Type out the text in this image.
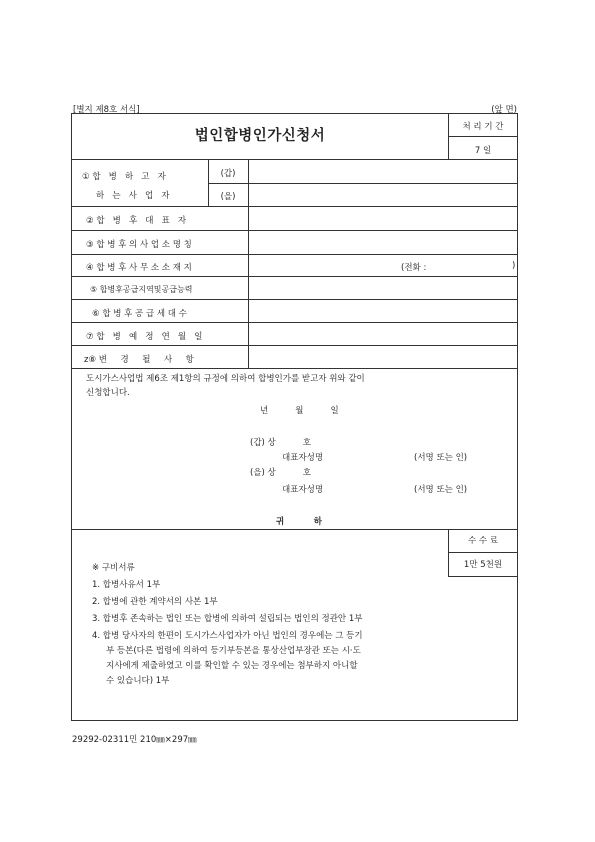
[별지 제8호 서식]	(앞 면)
법인합병인가신청서
처 리 기 간
7 일
① 합   병   하   고   자
하   는   사   업   자
(갑)
(을)
② 합   병   후   대   표   자
③ 합 병 후 의 사 업 소 명 칭
④ 합 병 후 사 무 소 소 재 지	(전화 :	)
⑤ 합병후공급지역및공급능력
⑥ 합 병 후 공 급 세 대 수
⑦ 합   병   예   정   연   월   일
z⑧ 변     경     될     사     항
도시가스사업법 제6조 제1항의 규정에 의하여 합병인가를 받고자 위와 같이
신청합니다.
년          월          일
(갑) 상          호
대표자성명	(서명 또는 인)
(을) 상          호
대표자성명	(서명 또는 인)
귀          하
수 수 료
1만 5천원
※ 구비서류
1. 합병사유서 1부
2. 합병에 관한 계약서의 사본 1부
3. 합병후 존속하는 법인 또는 합병에 의하여 설립되는 법인의 정관안 1부
4. 합병 당사자의 한편이 도시가스사업자가 아닌 법인의 경우에는 그 등기
부 등본(다른 법령에 의하여 등기부등본을 통상산업부장관 또는 시·도
지사에게 제출하였고 이를 확인할 수 있는 경우에는 첨부하지 아니할
수 있습니다) 1부
29292-02311민 210㎜×297㎜
